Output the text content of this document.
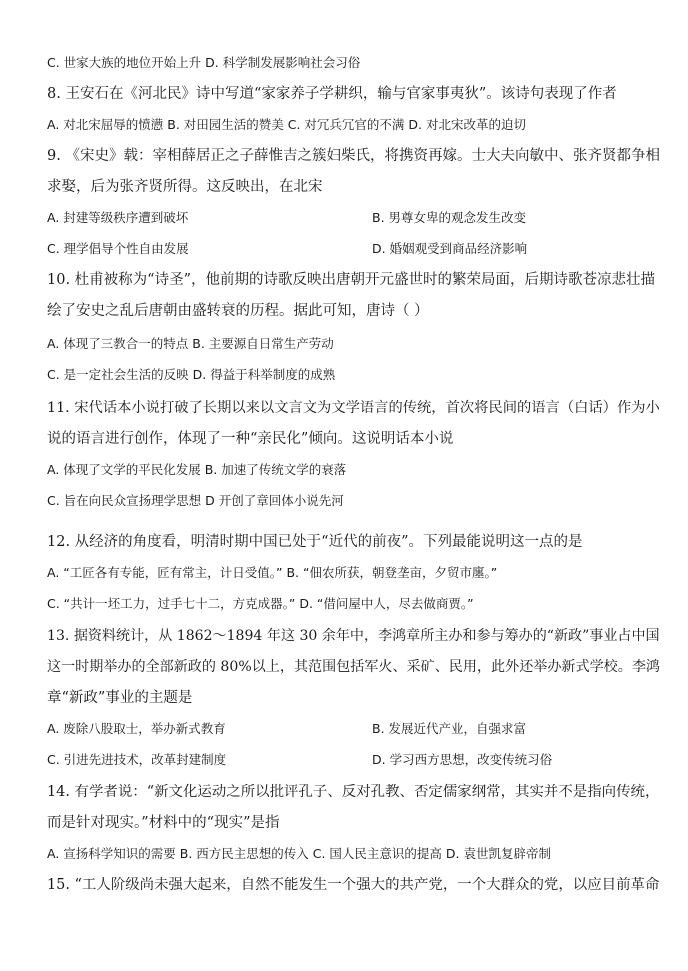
C. 世家大族的地位开始上升 D. 科学制发展影响社会习俗
8. 王安石在《河北民》诗中写道“家家养子学耕织，输与官家事夷狄”。该诗句表现了作者
A. 对北宋屈辱的愤懑 B. 对田园生活的赞美 C. 对冗兵冗官的不满 D. 对北宋改革的迫切
9. 《宋史》载：宰相薛居正之子薛惟吉之簇妇柴氏，将携资再嫁。士大夫向敏中、张齐贤都争相
求娶，后为张齐贤所得。这反映出，在北宋
A. 封建等级秩序遭到破坏	B. 男尊女卑的观念发生改变
C. 理学倡导个性自由发展	D. 婚姻观受到商品经济影响
10. 杜甫被称为“诗圣”，他前期的诗歌反映出唐朝开元盛世时的繁荣局面，后期诗歌苍凉悲壮描
绘了安史之乱后唐朝由盛转衰的历程。据此可知，唐诗（ ）
A. 体现了三教合一的特点 B. 主要源自日常生产劳动
C. 是一定社会生活的反映 D. 得益于科举制度的成熟
11. 宋代话本小说打破了长期以来以文言文为文学语言的传统，首次将民间的语言（白话）作为小
说的语言进行创作，体现了一种“亲民化”倾向。这说明话本小说
A. 体现了文学的平民化发展 B. 加速了传统文学的衰落
C. 旨在向民众宣扬理学思想 D 开创了章回体小说先河
12. 从经济的角度看，明清时期中国已处于“近代的前夜”。下列最能说明这一点的是
A. “工匠各有专能，匠有常主，计日受值。” B. “佃农所获，朝登垄亩，夕贸市廛。”
C. “共计一坯工力，过手七十二，方克成器。” D. “借问屋中人，尽去做商贾。”
13. 据资料统计，从 1862～1894 年这 30 余年中，李鸿章所主办和参与筹办的“新政”事业占中国
这一时期举办的全部新政的 80%以上，其范围包括军火、采矿、民用，此外还举办新式学校。李鸿
章“新政”事业的主题是
A. 废除八股取士，举办新式教育	B. 发展近代产业，自强求富
C. 引进先进技术，改革封建制度	D. 学习西方思想，改变传统习俗
14. 有学者说：“新文化运动之所以批评孔子、反对孔教、否定儒家纲常，其实并不是指向传统，
而是针对现实。”材料中的“现实”是指
A. 宣扬科学知识的需要 B. 西方民主思想的传入 C. 国人民主意识的提高 D. 袁世凯复辟帝制
15. “工人阶级尚未强大起来，自然不能发生一个强大的共产党，一个大群众的党，以应目前革命
